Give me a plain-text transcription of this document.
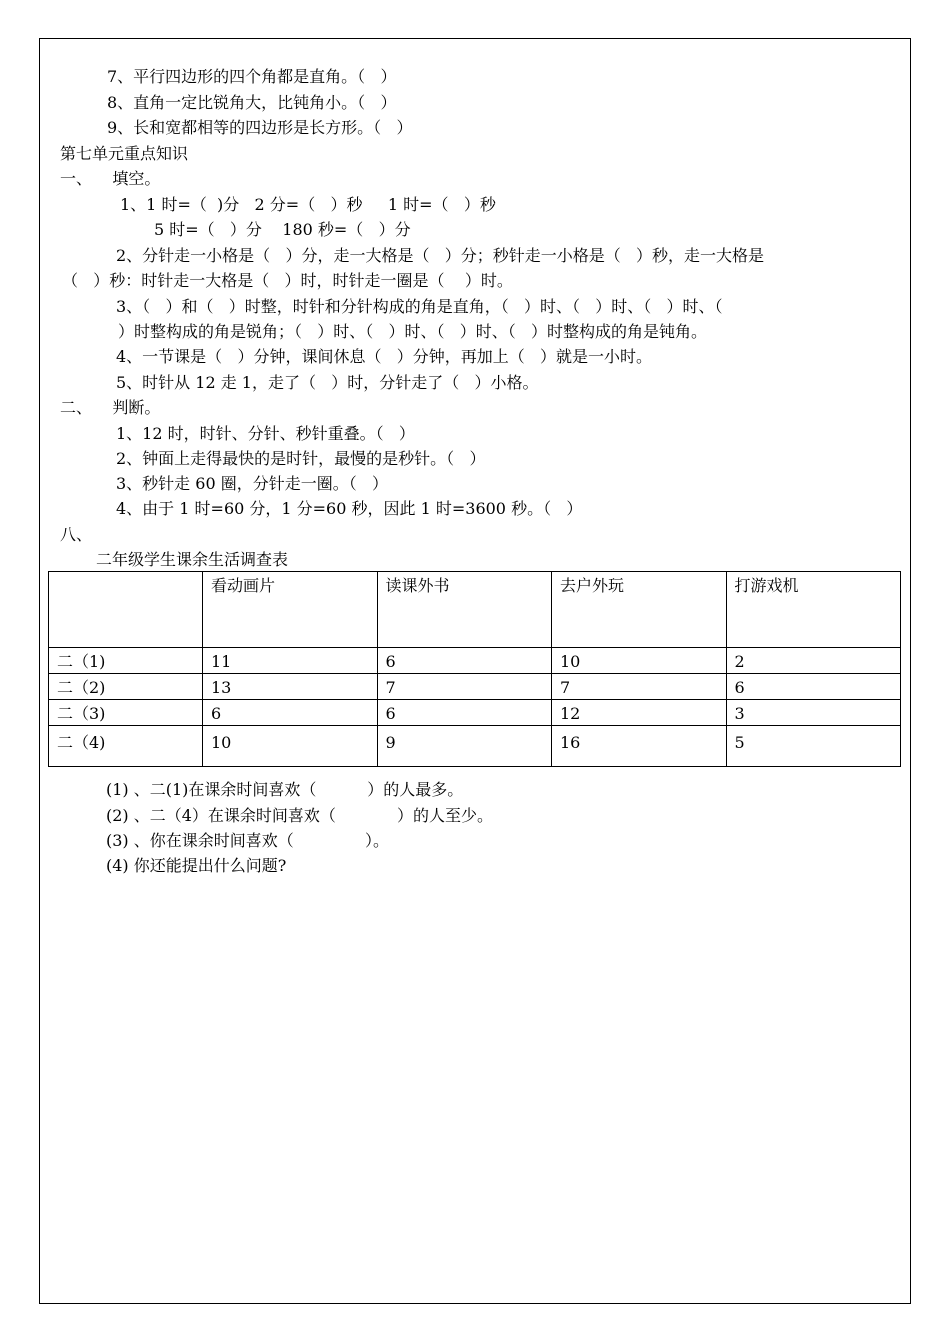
7、平行四边形的四个角都是直角。（   ）
8、直角一定比锐角大，比钝角小。（   ）
9、长和宽都相等的四边形是长方形。（   ）
第七单元重点知识
一、    填空。
1、1 时=（  )分   2 分=（   ）秒     1 时=（   ）秒
5 时=（   ）分    180 秒=（   ）分
2、分针走一小格是（   ）分，走一大格是（   ）分；秒针走一小格是（   ）秒，走一大格是
（   ）秒：时针走一大格是（   ）时，时针走一圈是（    ）时。
3、（   ）和（   ）时整，时针和分针构成的角是直角，（   ）时、（   ）时、（   ）时、（
）时整构成的角是锐角；（   ）时、（   ）时、（   ）时、（   ）时整构成的角是钝角。
4、一节课是（   ）分钟，课间休息（   ）分钟，再加上（   ）就是一小时。
5、时针从 12 走 1，走了（   ）时，分针走了（   ）小格。
二、    判断。
1、12 时，时针、分针、秒针重叠。（   ）
2、钟面上走得最快的是时针，最慢的是秒针。（   ）
3、秒针走 60 圈，分针走一圈。（   ）
4、由于 1 时=60 分，1 分=60 秒，因此 1 时=3600 秒。（   ）
八、
二年级学生课余生活调查表
	看动画片	读课外书	去户外玩	打游戏机
二（1)	11	6	10	2
二（2)	13	7	7	6
二（3)	6	6	12	3
二（4)	10	9	16	5
(1) 、二(1)在课余时间喜欢（          ）的人最多。
(2) 、二（4）在课余时间喜欢（            ）的人至少。
(3) 、你在课余时间喜欢（              ）。
(4) 你还能提出什么问题?
